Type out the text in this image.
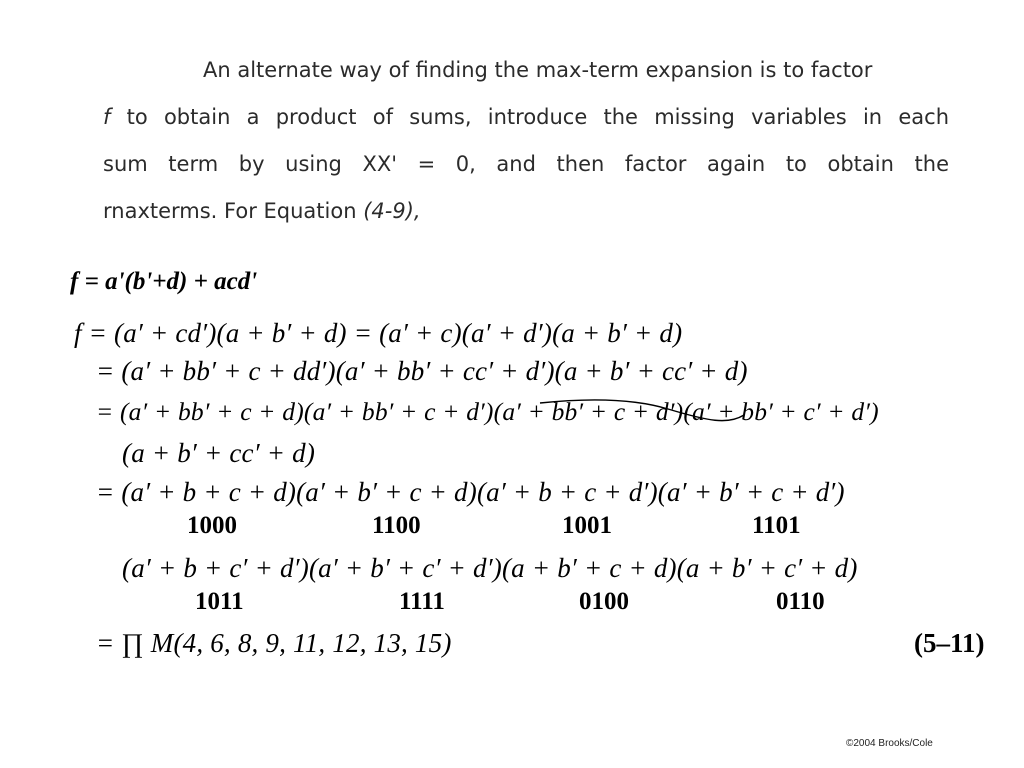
An alternate way of finding the max-term expansion is to factor
f to obtain a product of sums, introduce the missing variables in each
sum term by using XX' = 0, and then factor again to obtain the
rnaxterms. For Equation (4-9),
f = a'(b'+d) + acd'
f = (a′ + cd′)(a + b′ + d) = (a′ + c)(a′ + d′)(a + b′ + d)
= (a′ + bb′ + c + dd′)(a′ + bb′ + cc′ + d′)(a + b′ + cc′ + d)
= (a′ + bb′ + c + d)(a′ + bb′ + c + d′)(a′ + bb′ + c + d′)(a′ + bb′ + c′ + d′)
(a + b′ + cc′ + d)
= (a′ + b + c + d)(a′ + b′ + c + d)(a′ + b + c + d′)(a′ + b′ + c + d′)
1000	1100	1001	1101
(a′ + b + c′ + d′)(a′ + b′ + c′ + d′)(a + b′ + c + d)(a + b′ + c′ + d)
1011	1111	0100	0110
= ∏ M(4, 6, 8, 9, 11, 12, 13, 15)	(5–11)
©2004 Brooks/Cole
